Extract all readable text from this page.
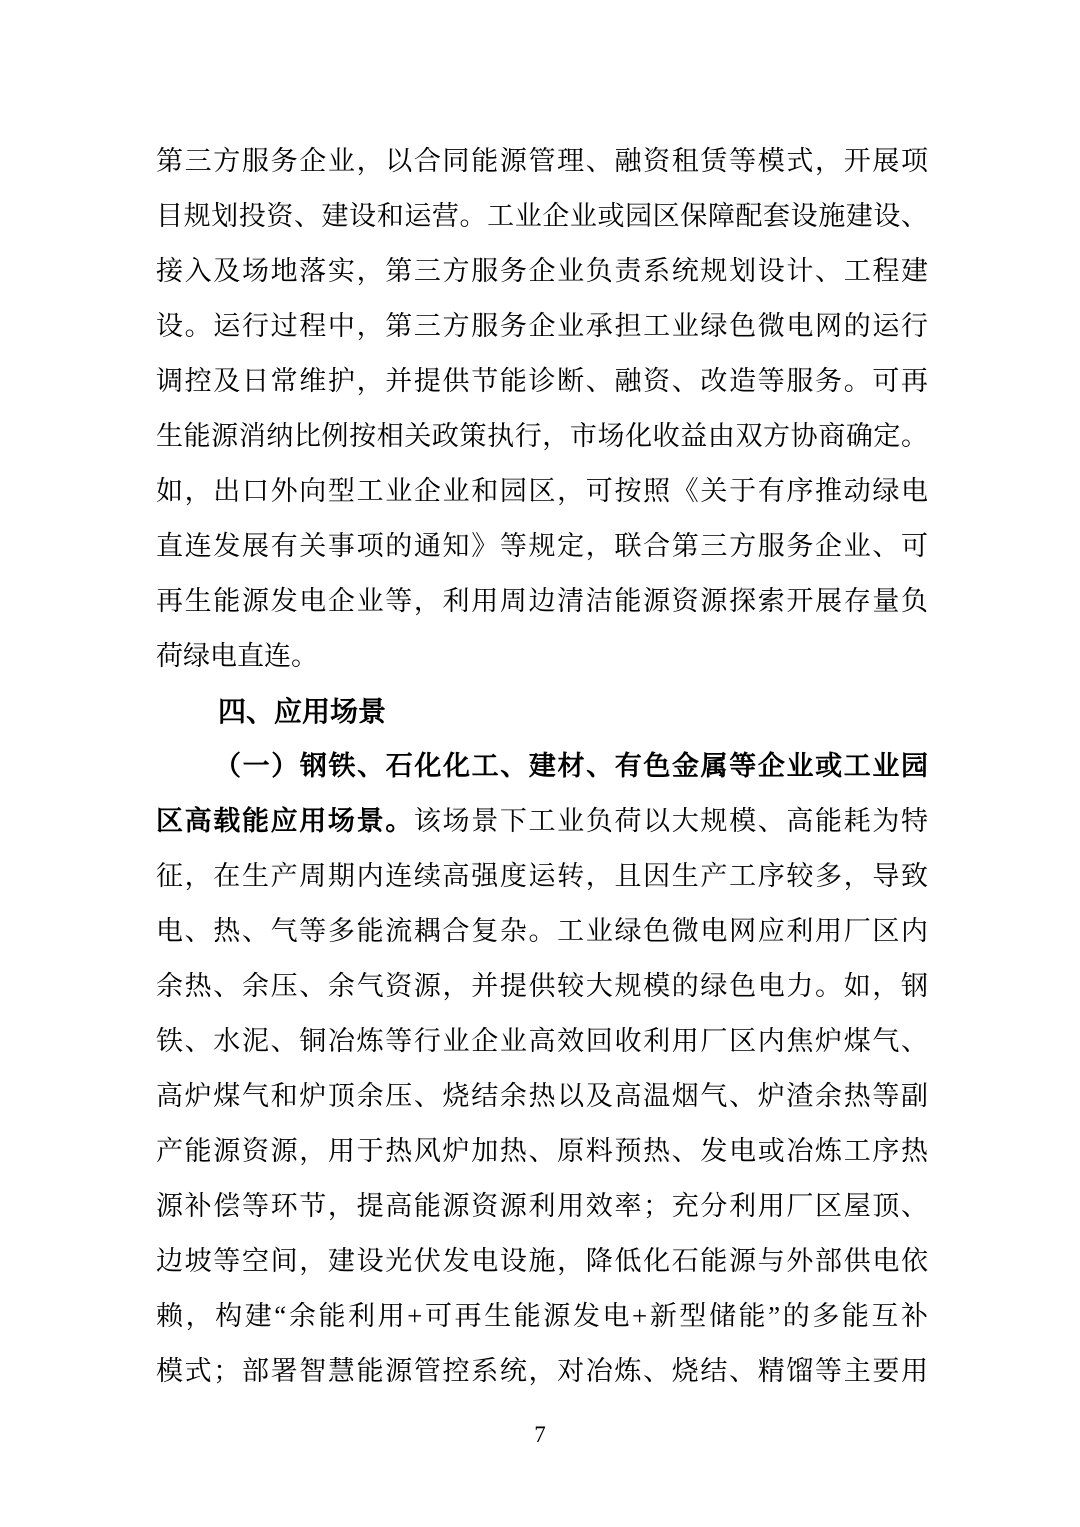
第三方服务企业，以合同能源管理、融资租赁等模式，开展项
目规划投资、建设和运营。工业企业或园区保障配套设施建设、
接入及场地落实，第三方服务企业负责系统规划设计、工程建
设。运行过程中，第三方服务企业承担工业绿色微电网的运行
调控及日常维护，并提供节能诊断、融资、改造等服务。可再
生能源消纳比例按相关政策执行，市场化收益由双方协商确定。
如，出口外向型工业企业和园区，可按照《关于有序推动绿电
直连发展有关事项的通知》等规定，联合第三方服务企业、可
再生能源发电企业等，利用周边清洁能源资源探索开展存量负
荷绿电直连。
四、应用场景
（一）钢铁、石化化工、建材、有色金属等企业或工业园
区高载能应用场景。该场景下工业负荷以大规模、高能耗为特
征，在生产周期内连续高强度运转，且因生产工序较多，导致
电、热、气等多能流耦合复杂。工业绿色微电网应利用厂区内
余热、余压、余气资源，并提供较大规模的绿色电力。如，钢
铁、水泥、铜冶炼等行业企业高效回收利用厂区内焦炉煤气、
高炉煤气和炉顶余压、烧结余热以及高温烟气、炉渣余热等副
产能源资源，用于热风炉加热、原料预热、发电或冶炼工序热
源补偿等环节，提高能源资源利用效率；充分利用厂区屋顶、
边坡等空间，建设光伏发电设施，降低化石能源与外部供电依
赖，构建“余能利用+可再生能源发电+新型储能”的多能互补
模式；部署智慧能源管控系统，对冶炼、烧结、精馏等主要用
7
